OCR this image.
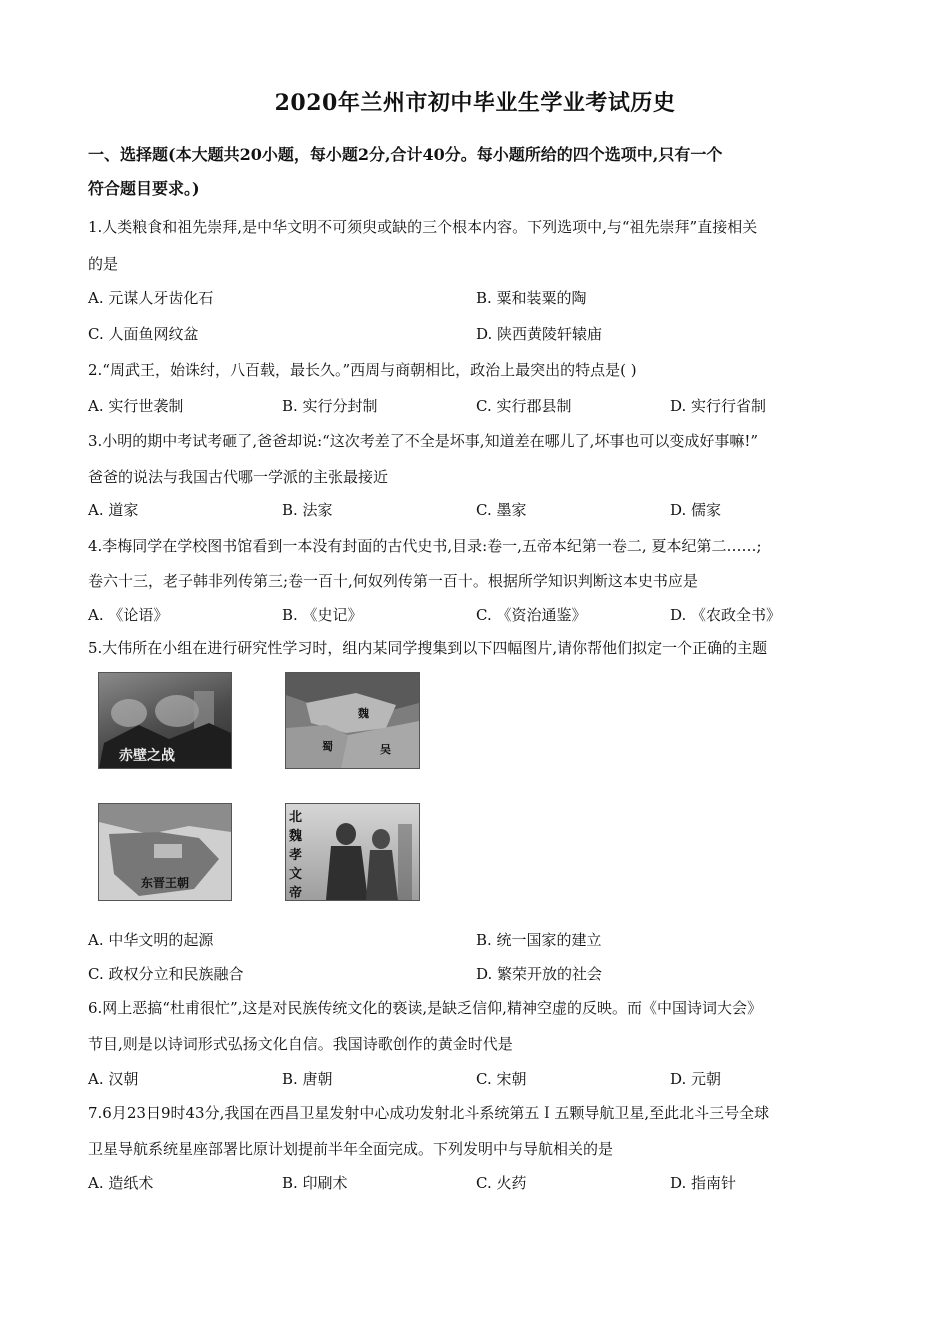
2020年兰州市初中毕业生学业考试历史
一、选择题(本大题共20小题，每小题2分,合计40分。每小题所给的四个选项中,只有一个
符合题目要求。)
1.人类粮食和祖先崇拜,是中华文明不可须臾或缺的三个根本内容。下列选项中,与“祖先崇拜”直接相关
的是
A. 元谋人牙齿化石	B. 粟和装粟的陶
C. 人面鱼网纹盆	D. 陕西黄陵轩辕庙
2.“周武王，始诛纣，八百载，最长久。”西周与商朝相比，政治上最突出的特点是( )
A. 实行世袭制	B. 实行分封制	C. 实行郡县制	D. 实行行省制
3.小明的期中考试考砸了,爸爸却说:“这次考差了不全是坏事,知道差在哪儿了,坏事也可以变成好事嘛!”
爸爸的说法与我国古代哪一学派的主张最接近
A. 道家	B. 法家	C. 墨家	D. 儒家
4.李梅同学在学校图书馆看到一本没有封面的古代史书,目录:卷一,五帝本纪第一卷二, 夏本纪第二……;
卷六十三，老子韩非列传第三;卷一百十,何奴列传第一百十。根据所学知识判断这本史书应是
A. 《论语》	B. 《史记》	C. 《资治通鉴》	D. 《农政全书》
5.大伟所在小组在进行研究性学习时，组内某同学搜集到以下四幅图片,请你帮他们拟定一个正确的主题
赤壁之战
魏
蜀	吴
东晋王朝
北魏孝文帝
A. 中华文明的起源	B. 统一国家的建立
C. 政权分立和民族融合	D. 繁荣开放的社会
6.网上恶搞“杜甫很忙”,这是对民族传统文化的亵读,是缺乏信仰,精神空虚的反映。而《中国诗词大会》
节目,则是以诗词形式弘扬文化自信。我国诗歌创作的黄金时代是
A. 汉朝	B. 唐朝	C. 宋朝	D. 元朝
7.6月23日9时43分,我国在西昌卫星发射中心成功发射北斗系统第五Ｉ五颗导航卫星,至此北斗三号全球
卫星导航系统星座部署比原计划提前半年全面完成。下列发明中与导航相关的是
A. 造纸术	B. 印刷术	C. 火药	D. 指南针
